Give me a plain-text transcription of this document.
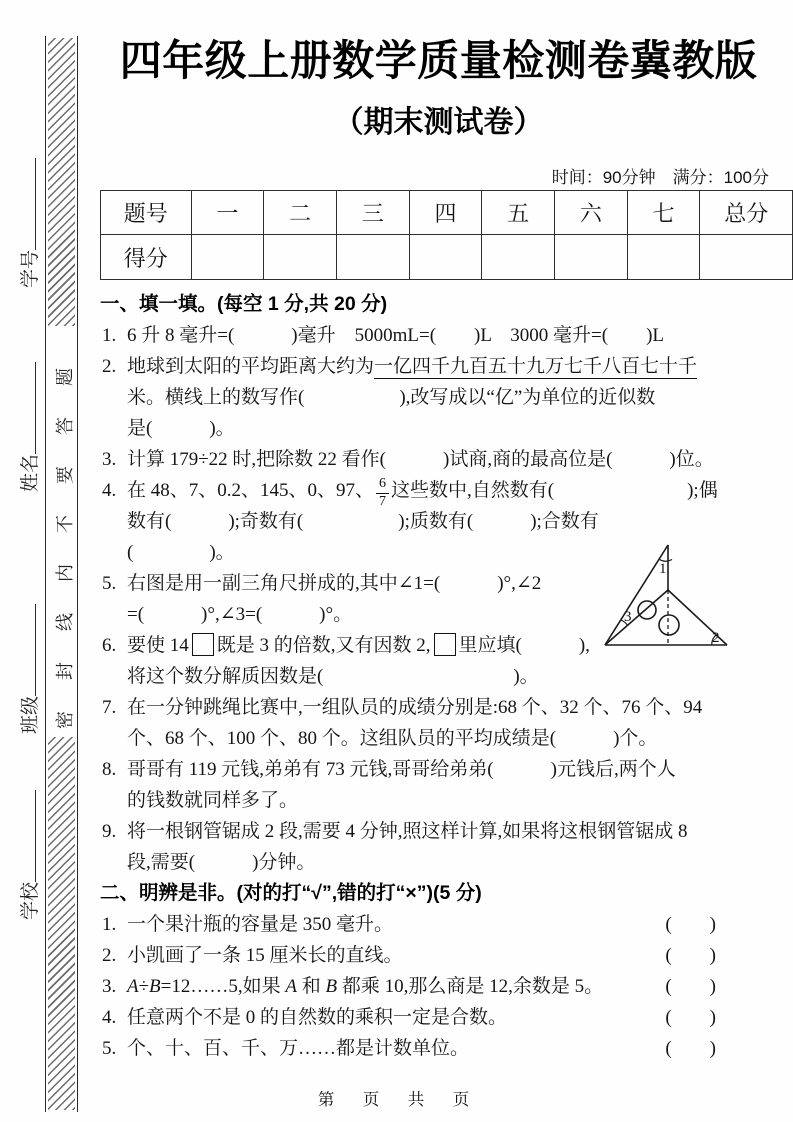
密封线内不要答题
学号
姓名
班级
学校
四年级上册数学质量检测卷冀教版
（期末测试卷）
时间：90分钟　满分：100分
题号	一	二	三	四	五	六	七	总分
得分								
一、填一填。(每空 1 分,共 20 分)
1. 6 升 8 毫升=(　　　)毫升　5000mL=(　　)L　3000 毫升=(　　)L
2. 地球到太阳的平均距离大约为一亿四千九百五十九万七千八百七十千
米。横线上的数写作(　　　　　),改写成以“亿”为单位的近似数
是(　　　)。
3. 计算 179÷22 时,把除数 22 看作(　　　)试商,商的最高位是(　　　)位。
4. 在 48、7、0.2、145、0、97、 $\frac{6}{7}$ 这些数中,自然数有(　　　　　　　);偶
数有(　　　);奇数有(　　　　　);质数有(　　　);合数有
(　　　　)。
5. 右图是用一副三角尺拼成的,其中∠1=(　　　)°,∠2
=(　　　)°,∠3=(　　　)°。
6. 要使 14 既是 3 的倍数,又有因数 2, 里应填(　　　),
将这个数分解质因数是(　　　　　　　　　　)。
7. 在一分钟跳绳比赛中,一组队员的成绩分别是:68 个、32 个、76 个、94
个、68 个、100 个、80 个。这组队员的平均成绩是(　　　)个。
8. 哥哥有 119 元钱,弟弟有 73 元钱,哥哥给弟弟(　　　)元钱后,两个人
的钱数就同样多了。
9. 将一根钢管锯成 2 段,需要 4 分钟,照这样计算,如果将这根钢管锯成 8
段,需要(　　　)分钟。
二、明辨是非。(对的打“√”,错的打“×”)(5 分)
1. 一个果汁瓶的容量是 350 毫升。	(　　)
2. 小凯画了一条 15 厘米长的直线。	(　　)
3. A÷B=12……5,如果 A 和 B 都乘 10,那么商是 12,余数是 5。	(　　)
4. 任意两个不是 0 的自然数的乘积一定是合数。	(　　)
5. 个、十、百、千、万……都是计数单位。	(　　)
1
2
3
第　页　共　页
